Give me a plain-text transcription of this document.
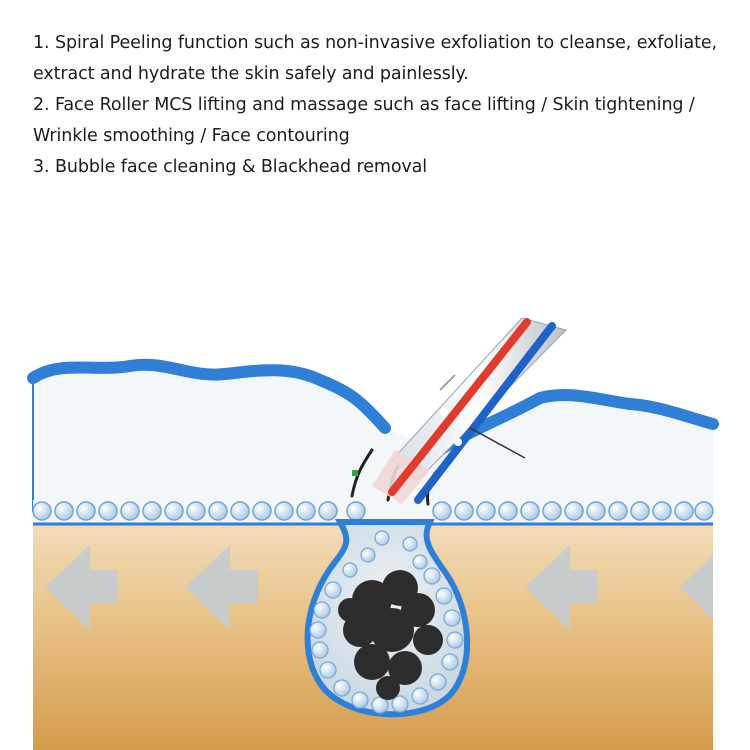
1. Spiral Peeling function such as non-invasive exfoliation to cleanse, exfoliate,
extract and hydrate the skin safely and painlessly.
2. Face Roller MCS lifting and massage such as face lifting / Skin tightening /
Wrinkle smoothing / Face contouring
3. Bubble face cleaning & Blackhead removal
